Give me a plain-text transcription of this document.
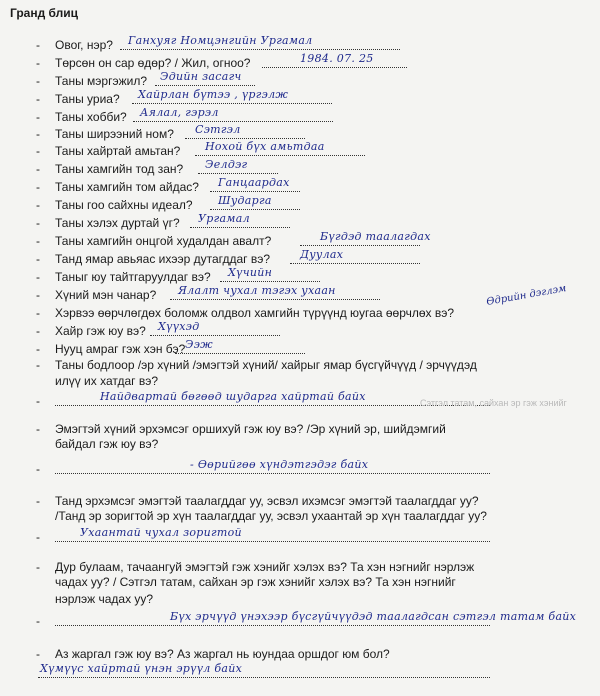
Гранд блиц
- Овог, нэр? Ганхуяг Номцэнгийн Ургамал
- Төрсөн он сар өдөр? / Жил, огноо?	1984. 07. 25
- Таны мэргэжил? Эдийн засагч
- Таны уриа? Хайрлан бүтээ , үргэлж
- Таны хобби? Аялал, гэрэл
- Таны ширээний ном? Сэтгэл
- Таны хайртай амьтан? Нохой бүх амьтдаа
- Таны хамгийн тод зан? Эелдэг
- Таны хамгийн том айдас? Ганцаардах
- Таны гоо сайхны идеал? Шударга
- Таны хэлэх дуртай үг? Ургамал
- Таны хамгийн онцгой худалдан авалт?	Бүгдэд таалагдах
- Танд ямар авьяас ихээр дутагддаг вэ?	Дуулах
- Таныг юу тайтгаруулдаг вэ? Хүчийн
- Хүний мэн чанар? Ялалт чухал тэгэх ухаан
- Хэрвээ өөрчлөгдөх боломж олдвол хамгийн түрүүнд юугаа өөрчлөх вэ?
Өдрийн дэглэм
- Хайр гэж юу вэ? Хүүхэд
- Нууц амраг гэж хэн бэ? Ээж
- Таны бодлоор /эр хүний /эмэгтэй хүний/ хайрыг ямар бүсгүйчүүд / эрчүүдэд
илүү их хатдаг вэ?
-	Найдвартай бөгөөд шударга хайртай байх	Сэтгэл татам, сайхан эр гэж хэнийг
- Эмэгтэй хүний эрхэмсэг оршихуй гэж юу вэ? /Эр хүний эр, шийдэмгий
байдал гэж юу вэ?
-	- Өөрийгөө хүндэтгэдэг байх
- Танд эрхэмсэг эмэгтэй таалагддаг уу, эсвэл ихэмсэг эмэгтэй таалагддаг уу?
/Танд эр зоригтой эр хүн таалагддаг уу, эсвэл ухаантай эр хүн таалагддаг уу?
-	Ухаантай чухал зоригтой
- Дур булаам, тачаангуй эмэгтэй гэж хэнийг хэлэх вэ? Та хэн нэгнийг нэрлэж
чадах уу? / Сэтгэл татам, сайхан эр гэж хэнийг хэлэх вэ? Та хэн нэгнийг
нэрлэж чадах уу?
-	Бүх эрчүүд үнэхээр бүсгүйчүүдэд таалагдсан сэтгэл татам байх
- Аз жаргал гэж юу вэ? Аз жаргал нь юундаа оршдог юм бол?
Хүмүүс хайртай үнэн эрүүл байх
